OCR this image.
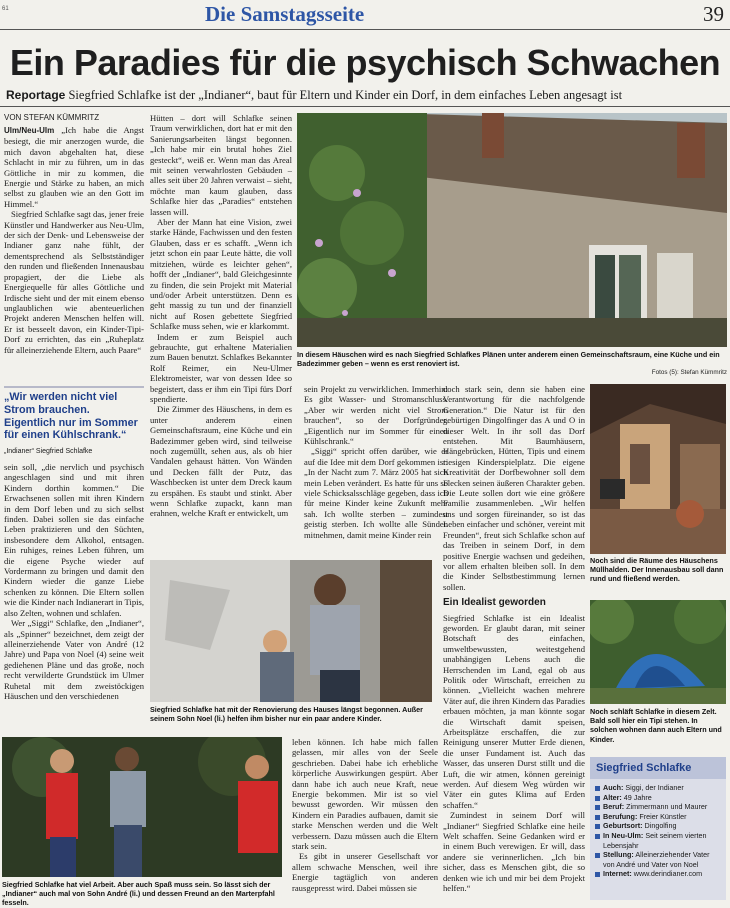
61	Die Samstagsseite	39
Ein Paradies für die psychisch Schwachen
Reportage Siegfried Schlafke ist der „Indianer“, baut für Eltern und Kinder ein Dorf, in dem einfaches Leben angesagt ist
VON STEFAN KÜMMRITZ

Ulm/Neu-Ulm „Ich habe die Angst besiegt, die mir anerzogen wurde, die mich davon abgehalten hat, diese Schlacht in mir zu führen, um in das Göttliche in mir zu kommen, die Energie und Stärke zu haben, an mich selbst zu glauben wie an den Gott im Himmel.“

Siegfried Schlafke sagt das, jener freie Künstler und Handwerker aus Neu-Ulm, der sich der Denk- und Lebensweise der Indianer ganz nahe fühlt, der dementsprechend als Selbstständiger den runden und fließenden Innenausbau propagiert, der die Liebe als Energiequelle für alles Göttliche und Irdische sieht und der mit einem ebenso unglaublichen wie abenteuerlichen Projekt anderen Menschen helfen will. Er ist besseelt davon, ein Kinder-Tipi-Dorf zu errichten, das ein „Ruheplatz für alleinerziehende Eltern, auch Paare“

„Wir werden nicht viel Strom brauchen. Eigentlich nur im Sommer für einen Kühlschrank.“
„Indianer“ Siegfried Schlafke

sein soll, „die nervlich und psychisch angeschlagen sind und mit ihren Kindern dorthin kommen.“ Die Erwachsenen sollen mit ihren Kindern in dem Dorf leben und zu sich selbst finden. Dabei sollen sie das einfache Leben praktizieren und den Süchten, insbesondere dem Alkohol, entsagen. Ein ruhiges, reines Leben führen, um die eigene Psyche wieder auf Vordermann zu bringen und damit den Kindern wieder die ganze Liebe schenken zu können. Die Eltern sollen wie die Kinder nach Indianerart in Tipis, also Zelten, wohnen und schlafen.

Wer „Siggi“ Schlafke, den „Indianer“, als „Spinner“ bezeichnet, dem zeigt der alleinerziehende Vater von André (12 Jahre) und Papa von Noel (4) seine weit gediehenen Pläne und das große, noch recht verwilderte Grundstück im Ulmer Ruhetal mit dem zweistöckigen Häuschen und den verschiedenen

Hütten – dort will Schlafke seinen Traum verwirklichen, dort hat er mit den Sanierungsarbeiten längst begonnen. „Ich habe mir ein brutal hohes Ziel gesteckt“, weiß er. Wenn man das Areal mit seinen verwahrlosten Gebäuden – alles seit über 20 Jahren verwaist – sieht, möchte man kaum glauben, dass Schlafke hier das „Paradies“ entstehen lassen will.

Aber der Mann hat eine Vision, zwei starke Hände, Fachwissen und den festen Glauben, dass er es schafft. „Wenn ich jetzt schon ein paar Leute hätte, die voll mitziehen, würde es leichter gehen“, hofft der „Indianer“, bald Gleichgesinnte zu finden, die sein Projekt mit Material und/oder Arbeit unterstützen. Denn es geht massig zu tun und der finanziell nicht auf Rosen gebettete Siegfried Schlafke muss sehen, wie er klarkommt.

Indem er zum Beispiel auch gebrauchte, gut erhaltene Materialien zum Bauen benutzt. Schlafkes Bekannter Rolf Reimer, ein Neu-Ulmer Elektromeister, war von dessen Idee so begeistert, dass er ihm ein Tipi fürs Dorf spendierte.

Die Zimmer des Häuschens, in dem es unter anderem einen Gemeinschaftsraum, eine Küche und ein Badezimmer geben wird, sind teilweise noch zugemüllt, sehen aus, als ob hier Vandalen gehaust hätten. Von Wänden und Decken fällt der Putz, das Waschbecken ist unter dem Dreck kaum zu erspähen. Es staubt und stinkt. Aber wenn Schlafke zupackt, kann man erahnen, welche Kraft er entwickelt, um

In diesem Häuschen wird es nach Siegfried Schlafkes Plänen unter anderem einen Gemeinschaftsraum, eine Küche und ein Badezimmer geben – wenn es erst renoviert ist.
Fotos (5): Stefan Kümmritz

sein Projekt zu verwirklichen. Immerhin: Es gibt Wasser- und Stromanschluss. „Aber wir werden nicht viel Strom brauchen“, so der Dorfgründer. „Eigentlich nur im Sommer für einen Kühlschrank.“

„Siggi“ spricht offen darüber, wie er auf die Idee mit dem Dorf gekommen ist: „In der Nacht zum 7. März 2005 hat sich mein Leben verändert. Es hatte für uns so viele Schicksalsschläge gegeben, dass ich für meine Kinder keine Zukunft mehr sah. Ich wollte sterben – zumindest geistig sterben. Ich wollte alle Sünden mitnehmen, damit meine Kinder rein

doch stark sein, denn sie haben eine Verantwortung für die nachfolgende Generation.“ Die Natur ist für den gebürtigen Dingolfinger das A und O in dieser Welt. In ihr soll das Dorf entstehen. Mit Baumhäusern, Hängebrücken, Hütten, Tipis und einem riesigen Kinderspielplatz. Die eigene Kreativität der Dorfbewohner soll dem Flecken seinen äußeren Charakter geben. Die Leute sollen dort wie eine größere Familie zusammenleben. „Wir helfen uns und sorgen füreinander, so ist das Leben einfacher und schöner, vereint mit Freunden“, freut sich Schlafke schon auf das Treiben in seinem Dorf, in dem positive Energie wachsen und gedeihen, vor allem erhalten bleiben soll. In dem die Kinder Selbstbestimmung lernen sollen.

Ein Idealist geworden

Siegfried Schlafke ist ein Idealist geworden. Er glaubt daran, mit seiner Botschaft des einfachen, umweltbewussten, weitestgehend unabhängigen Lebens auch die Herrschenden im Land, egal ob aus Politik oder Wirtschaft, erreichen zu können. „Vielleicht wachen mehrere Väter auf, die ihren Kindern das Paradies erbauen möchten, ja man könnte sogar die Wirtschaft damit speisen, Arbeitsplätze erschaffen, die zur Reinigung unserer Mutter Erde dienen, die unser Fundament ist. Auch das Wasser, das unseren Durst stillt und die Luft, die wir atmen, können gereinigt werden. Auf diesem Weg würden wir Väter ein gutes Klima auf Erden schaffen.“

Zumindest in seinem Dorf will „Indianer“ Siegfried Schlafke eine heile Welt schaffen. Seine Gedanken wird er in einem Buch verewigen. Er will, dass andere sie verinnerlichen. „Ich bin sicher, dass es Menschen gibt, die so denken wie ich und mir bei dem Projekt helfen.“

Noch sind die Räume des Häuschens Müllhalden. Der Innenausbau soll dann rund und fließend werden.
Siegfried Schlafke hat mit der Renovierung des Hauses längst begonnen. Außer seinem Sohn Noel (li.) helfen ihm bisher nur ein paar andere Kinder.
Noch schläft Schlafke in diesem Zelt. Bald soll hier ein Tipi stehen. In solchen wohnen dann auch Eltern und Kinder.
Siegfried Schlafke hat viel Arbeit. Aber auch Spaß muss sein. So lässt sich der „Indianer“ auch mal von Sohn André (li.) und dessen Freund an den Marterpfahl fesseln.

leben können. Ich habe mich fallen gelassen, mir alles von der Seele geschrieben. Dabei habe ich erhebliche körperliche Auswirkungen gespürt. Aber dann habe ich auch neue Kraft, neue Energie bekommen. Mir ist so viel bewusst geworden. Wir müssen den Kindern ein Paradies aufbauen, damit sie starke Menschen werden und die Welt verbessern. Dazu müssen auch die Eltern stark sein.

Es gibt in unserer Gesellschaft vor allem schwache Menschen, weil ihre Energie tagtäglich von anderen rausgepresst wird. Dabei müssen sie

Siegfried Schlafke
Auch: Siggi, der Indianer
Alter: 49 Jahre
Beruf: Zimmermann und Maurer
Berufung: Freier Künstler
Geburtsort: Dingolfing
In Neu-Ulm: Seit seinem vierten Lebensjahr
Stellung: Alleinerziehender Vater von André und Vater von Noel
Internet: www.derindianer.com
